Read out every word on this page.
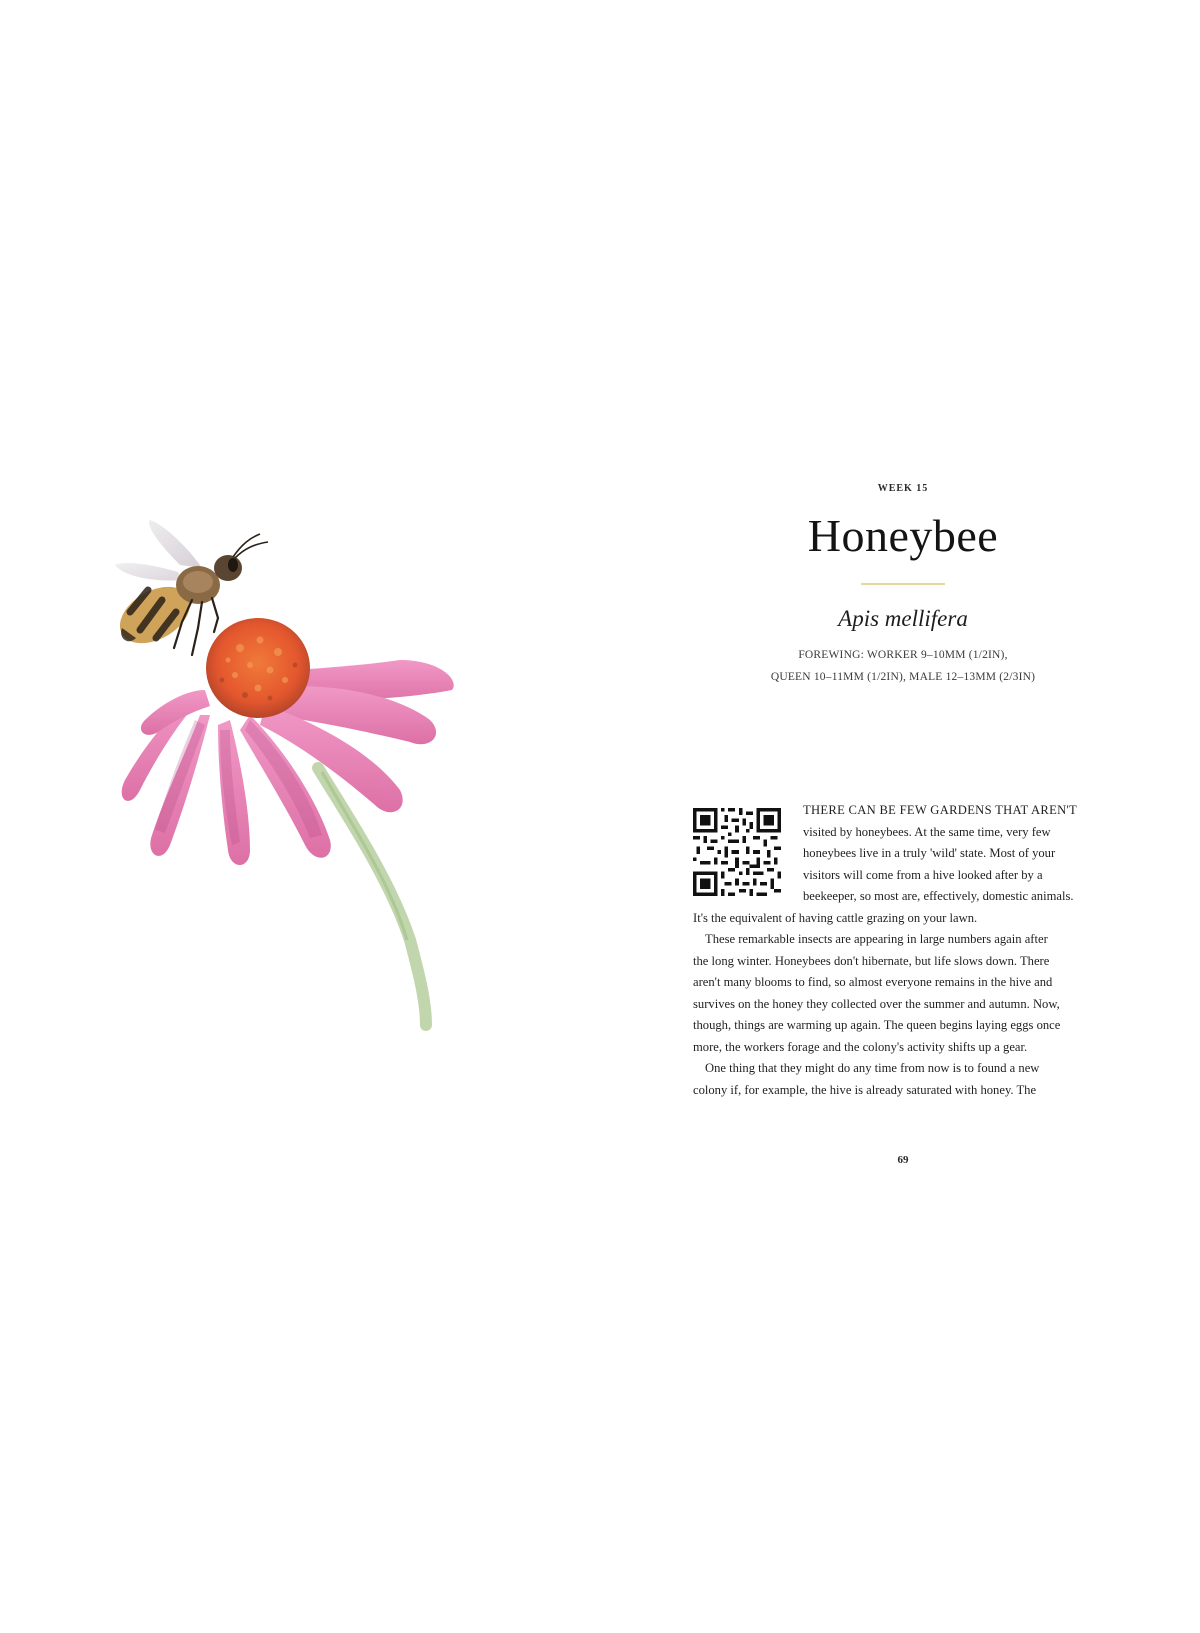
WEEK 15
Honeybee
Apis mellifera
FOREWING: WORKER 9–10MM (1/2IN),
QUEEN 10–11MM (1/2IN), MALE 12–13MM (2/3IN)
THERE CAN BE FEW GARDENS THAT AREN'T
visited by honeybees. At the same time, very few
honeybees live in a truly 'wild' state. Most of your
visitors will come from a hive looked after by a
beekeeper, so most are, effectively, domestic animals.
It's the equivalent of having cattle grazing on your lawn.
These remarkable insects are appearing in large numbers again after
the long winter. Honeybees don't hibernate, but life slows down. There
aren't many blooms to find, so almost everyone remains in the hive and
survives on the honey they collected over the summer and autumn. Now,
though, things are warming up again. The queen begins laying eggs once
more, the workers forage and the colony's activity shifts up a gear.
One thing that they might do any time from now is to found a new
colony if, for example, the hive is already saturated with honey. The
69
